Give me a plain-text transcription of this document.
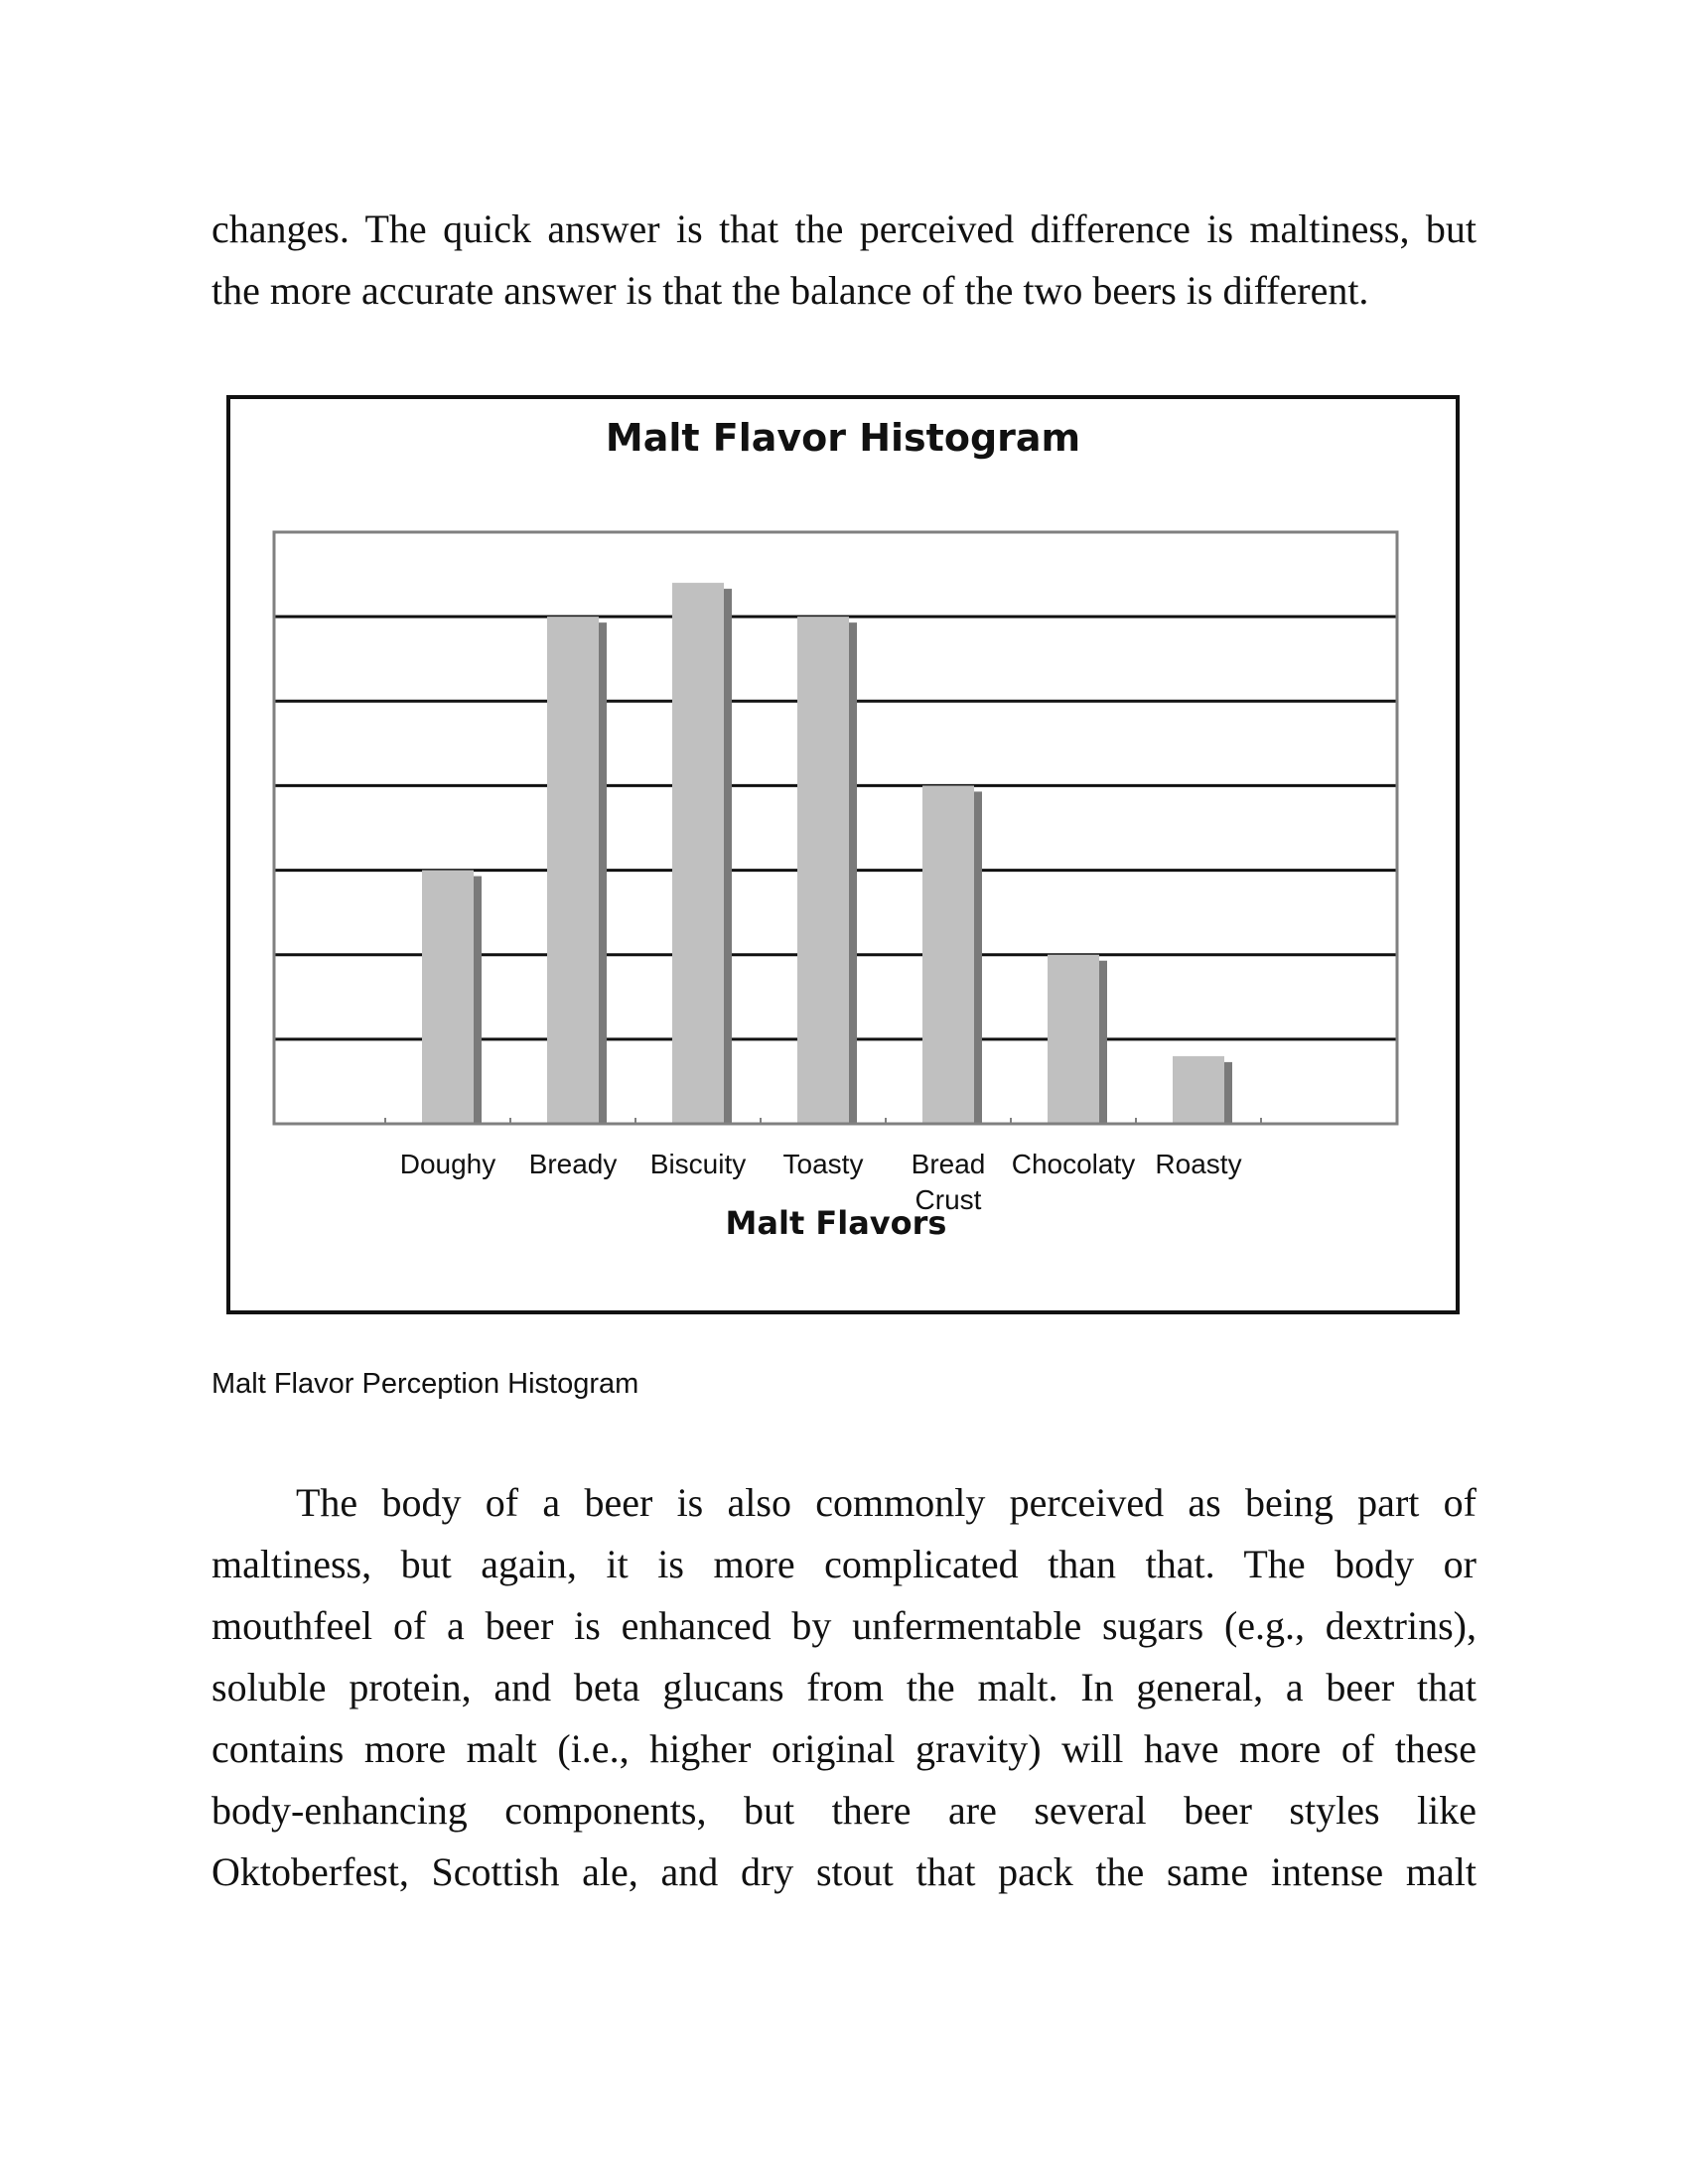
changes. The quick answer is that the perceived difference is maltiness, but

the more accurate answer is that the balance of the two beers is different.

Malt Flavor Histogram
Doughy Bready Biscuity Toasty Bread Crust
Chocolaty Roasty
Malt Flavors
Malt Flavor Perception Histogram

The body of a beer is also commonly perceived as being part of

maltiness, but again, it is more complicated than that. The body or

mouthfeel of a beer is enhanced by unfermentable sugars (e.g., dextrins),

soluble protein, and beta glucans from the malt. In general, a beer that

contains more malt (i.e., higher original gravity) will have more of these

body-enhancing components, but there are several beer styles like

Oktoberfest, Scottish ale, and dry stout that pack the same intense malt
